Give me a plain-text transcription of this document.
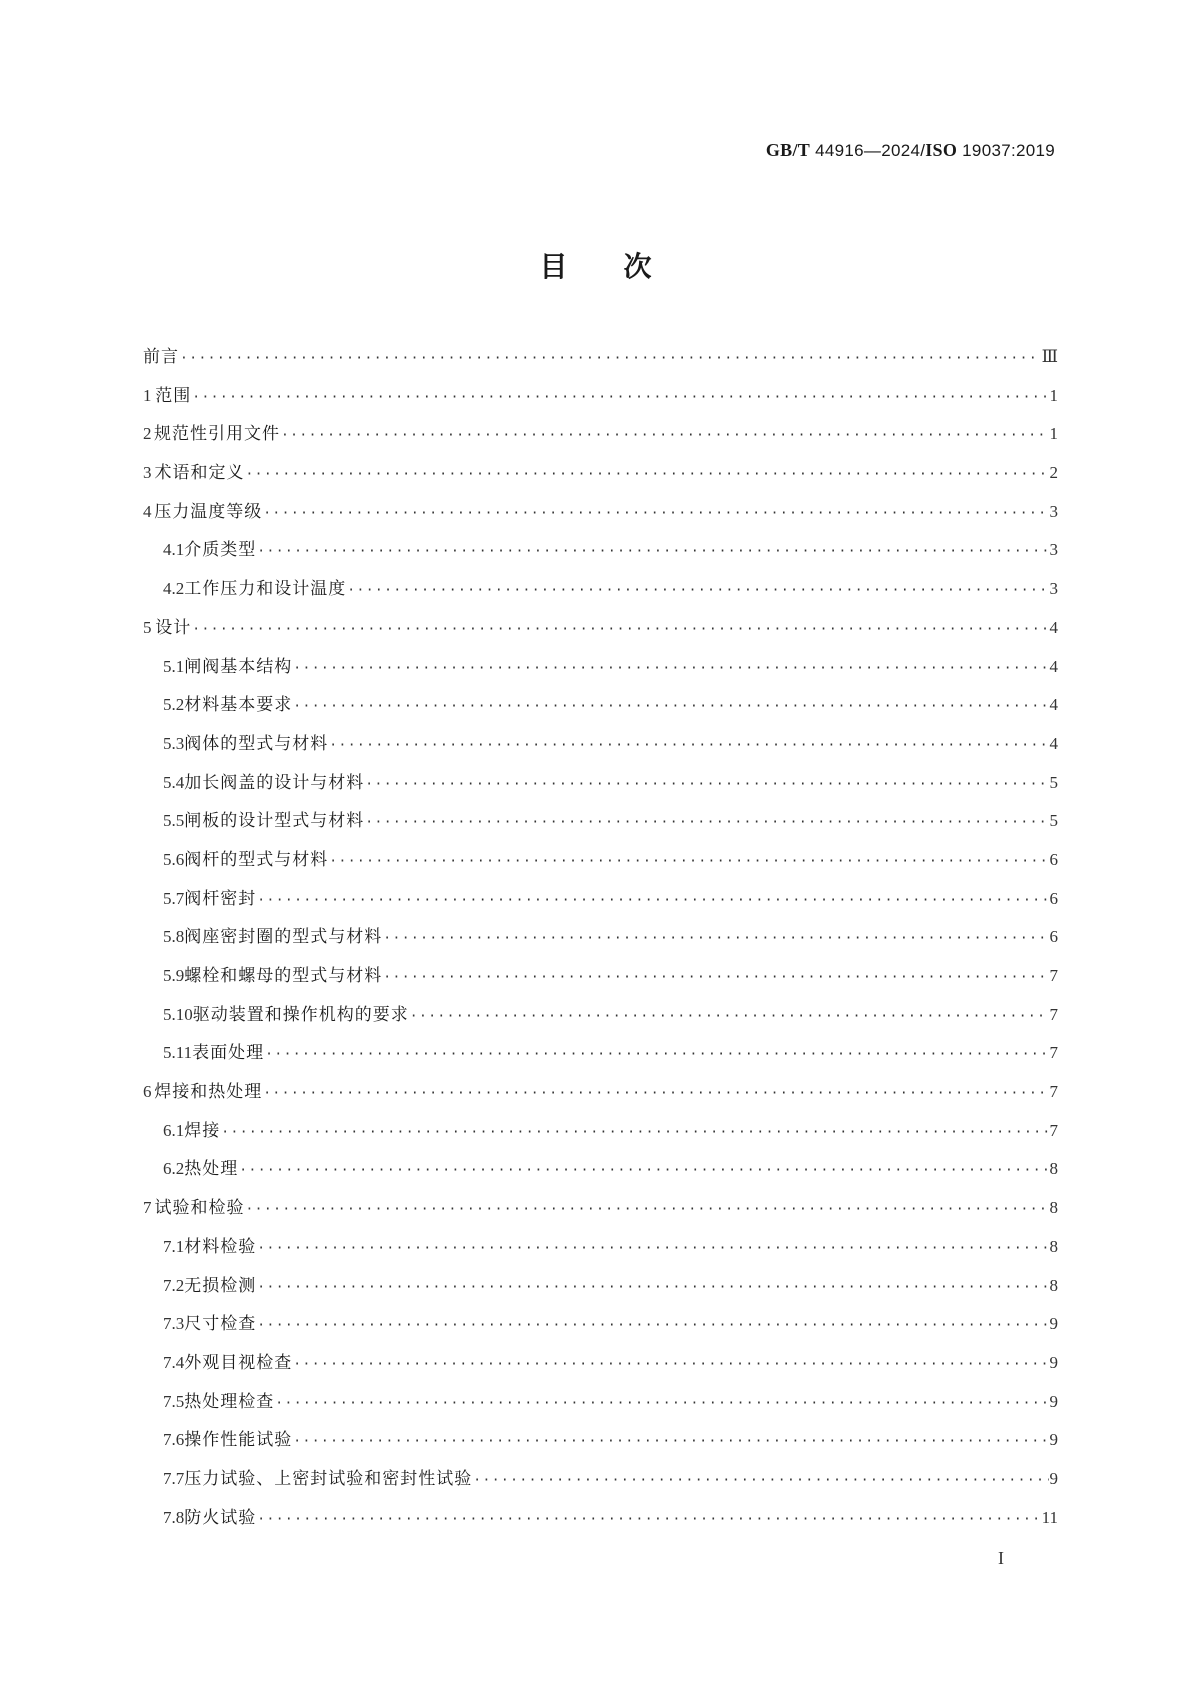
GB/T 44916—2024/ISO 19037:2019
目次
前言 ·····	Ⅲ
1 范围 ·····	1
2 规范性引用文件 ·····	1
3 术语和定义 ·····	2
4 压力温度等级 ·····	3
4.1 介质类型 ·····	3
4.2 工作压力和设计温度 ·····	3
5 设计 ·····	4
5.1 闸阀基本结构 ·····	4
5.2 材料基本要求 ·····	4
5.3 阀体的型式与材料 ·····	4
5.4 加长阀盖的设计与材料 ·····	5
5.5 闸板的设计型式与材料 ·····	5
5.6 阀杆的型式与材料 ·····	6
5.7 阀杆密封 ·····	6
5.8 阀座密封圈的型式与材料 ·····	6
5.9 螺栓和螺母的型式与材料 ·····	7
5.10 驱动装置和操作机构的要求 ·····	7
5.11 表面处理 ·····	7
6 焊接和热处理 ·····	7
6.1 焊接 ·····	7
6.2 热处理 ·····	8
7 试验和检验 ·····	8
7.1 材料检验 ·····	8
7.2 无损检测 ·····	8
7.3 尺寸检查 ·····	9
7.4 外观目视检查 ·····	9
7.5 热处理检查 ·····	9
7.6 操作性能试验 ·····	9
7.7 压力试验、上密封试验和密封性试验 ·····	9
7.8 防火试验 ·····	11
I
